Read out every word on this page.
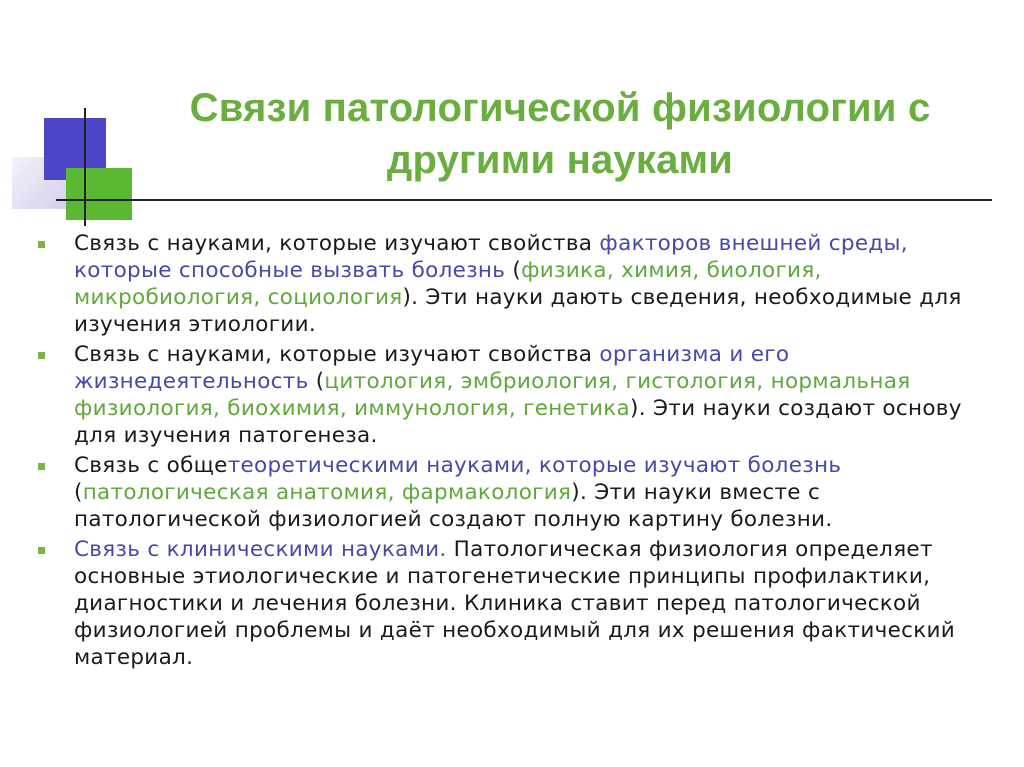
Связи патологической физиологии с
другими науками
Связь с науками, которые изучают свойства факторов внешней среды, которые способные вызвать болезнь (физика, химия, биология, микробиология, социология). Эти науки дають сведения, необходимые для изучения этиологии.
Связь с науками, которые изучают свойства организма и его жизнедеятельность (цитология, эмбриология, гистология, нормальная физиология, биохимия, иммунология, генетика). Эти науки создают основу для изучения патогенеза.
Связь с общетеоретическими науками, которые изучают болезнь (патологическая анатомия, фармакология). Эти науки вместе с патологической физиологией создают полную картину болезни.
Связь с клиническими науками. Патологическая физиология определяет основные этиологические и патогенетические принципы профилактики, диагностики и лечения болезни. Клиника ставит перед патологической физиологией проблемы и даёт необходимый для их решения фактический материал.
